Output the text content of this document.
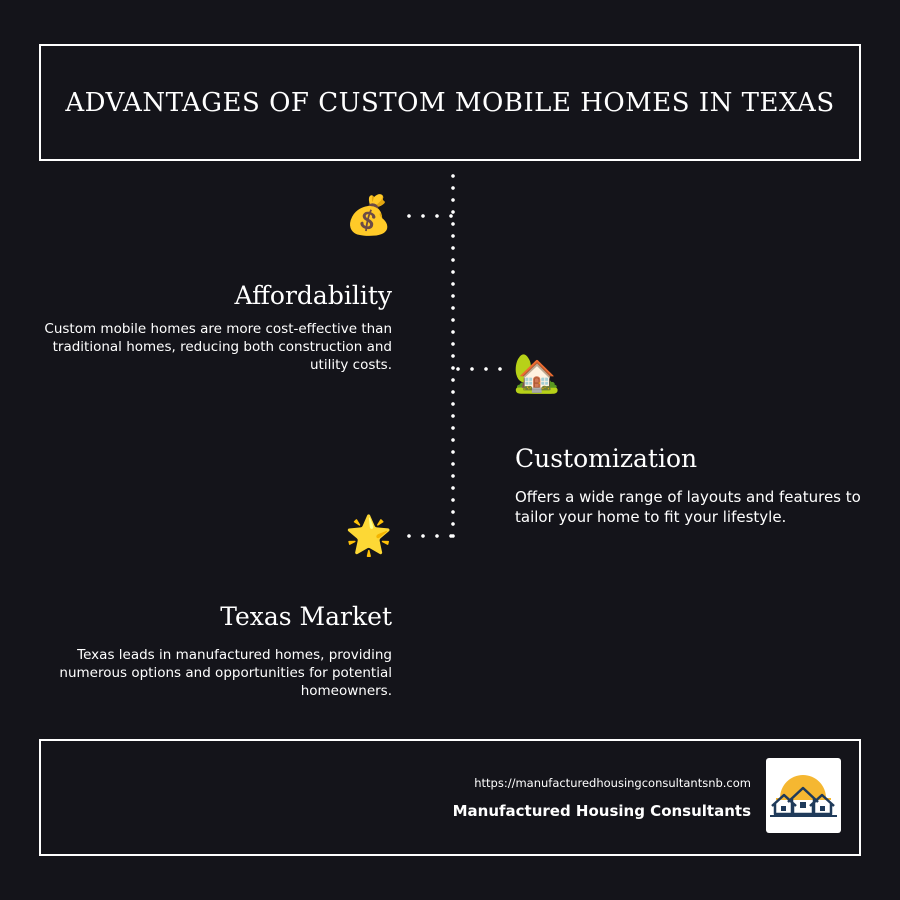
ADVANTAGES OF CUSTOM MOBILE HOMES IN TEXAS
💰
Affordability
Custom mobile homes are more cost-effective than traditional homes, reducing both construction and utility costs.	🏡
Customization
Offers a wide range of layouts and features to tailor your home to fit your lifestyle.
🌟
Texas Market
Texas leads in manufactured homes, providing numerous options and opportunities for potential homeowners.
https://manufacturedhousingconsultantsnb.com
Manufactured Housing Consultants
